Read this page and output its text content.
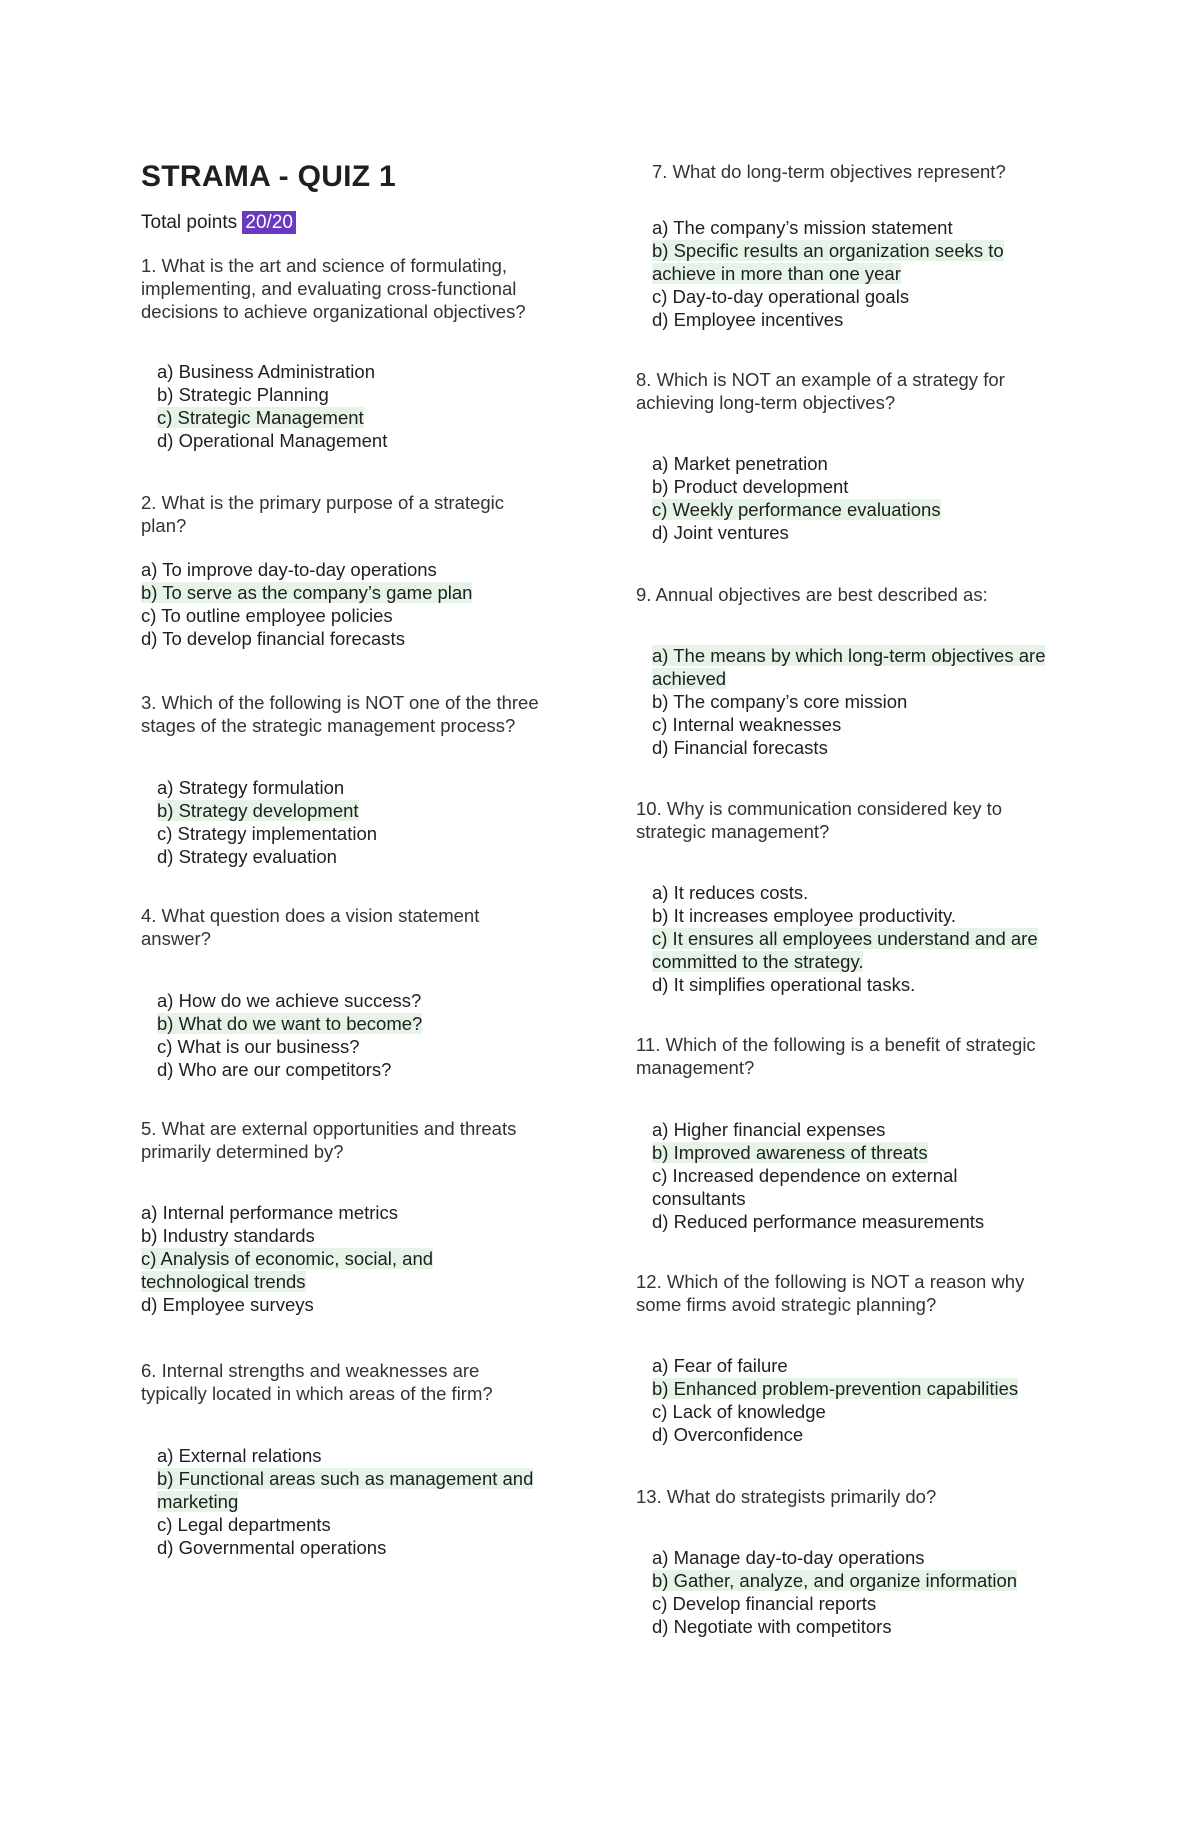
STRAMA - QUIZ 1
Total points 20/20
1. What is the art and science of formulating, implementing, and evaluating cross-functional decisions to achieve organizational objectives?
a) Business Administration
b) Strategic Planning
c) Strategic Management
d) Operational Management
2. What is the primary purpose of a strategic plan?
a) To improve day-to-day operations
b) To serve as the company’s game plan
c) To outline employee policies
d) To develop financial forecasts
3. Which of the following is NOT one of the three stages of the strategic management process?
a) Strategy formulation
b) Strategy development
c) Strategy implementation
d) Strategy evaluation
4. What question does a vision statement answer?
a) How do we achieve success?
b) What do we want to become?
c) What is our business?
d) Who are our competitors?
5. What are external opportunities and threats primarily determined by?
a) Internal performance metrics
b) Industry standards
c) Analysis of economic, social, and technological trends
d) Employee surveys
6. Internal strengths and weaknesses are typically located in which areas of the firm?
a) External relations
b) Functional areas such as management and marketing
c) Legal departments
d) Governmental operations
7. What do long-term objectives represent?
a) The company’s mission statement
b) Specific results an organization seeks to achieve in more than one year
c) Day-to-day operational goals
d) Employee incentives
8. Which is NOT an example of a strategy for achieving long-term objectives?
a) Market penetration
b) Product development
c) Weekly performance evaluations
d) Joint ventures
9. Annual objectives are best described as:
a) The means by which long-term objectives are achieved
b) The company’s core mission
c) Internal weaknesses
d) Financial forecasts
10. Why is communication considered key to strategic management?
a) It reduces costs.
b) It increases employee productivity.
c) It ensures all employees understand and are committed to the strategy.
d) It simplifies operational tasks.
11. Which of the following is a benefit of strategic management?
a) Higher financial expenses
b) Improved awareness of threats
c) Increased dependence on external consultants
d) Reduced performance measurements
12. Which of the following is NOT a reason why some firms avoid strategic planning?
a) Fear of failure
b) Enhanced problem-prevention capabilities
c) Lack of knowledge
d) Overconfidence
13. What do strategists primarily do?
a) Manage day-to-day operations
b) Gather, analyze, and organize information
c) Develop financial reports
d) Negotiate with competitors
